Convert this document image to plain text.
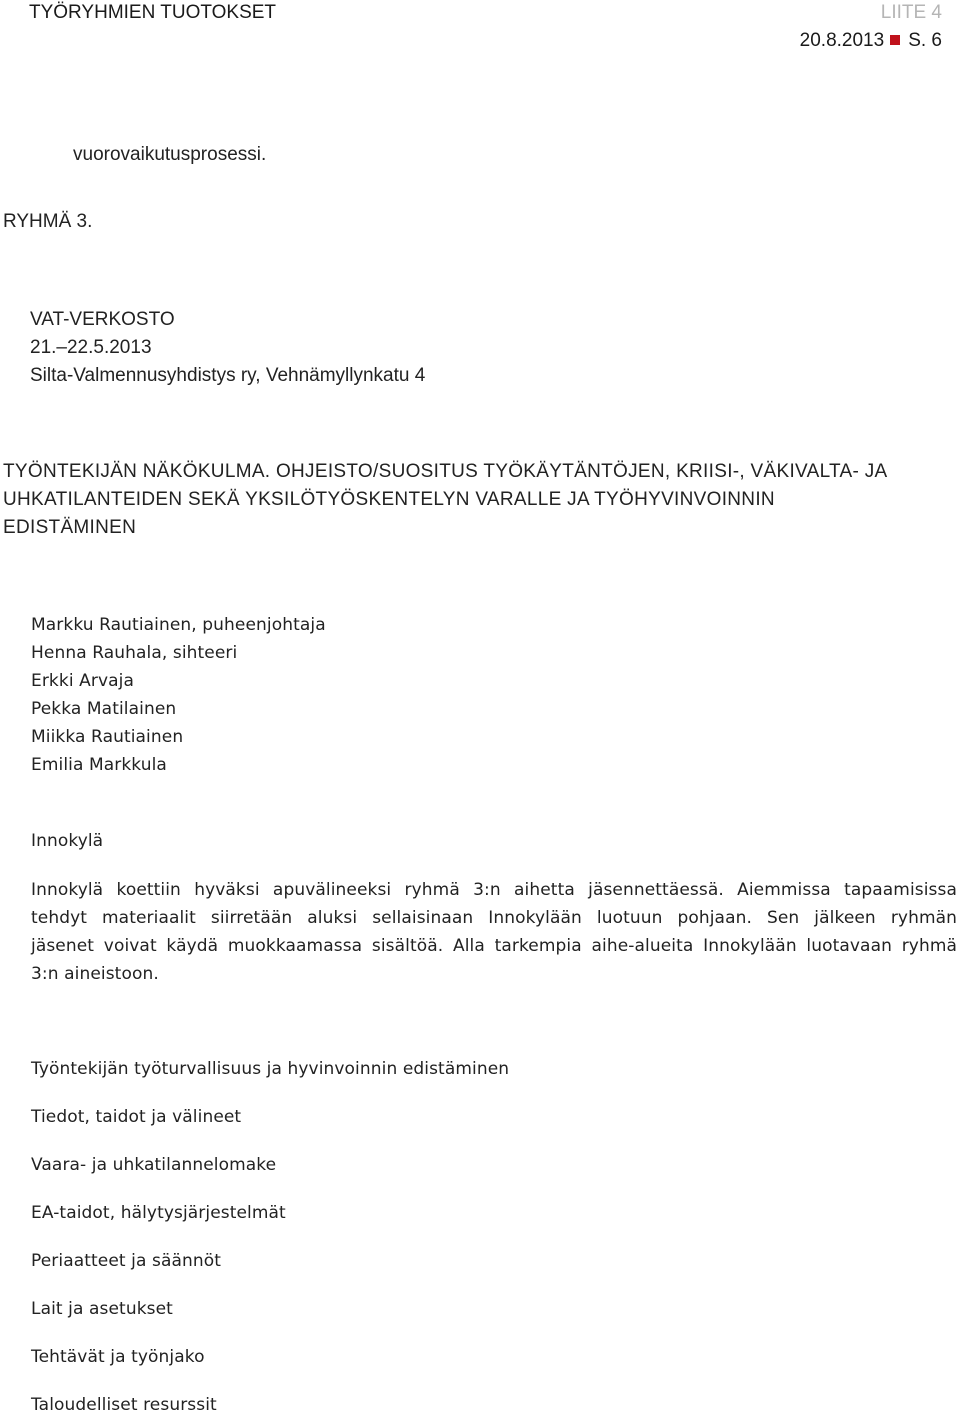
TYÖRYHMIEN TUOTOKSET	LIITE 4
20.8.2013 S. 6
vuorovaikutusprosessi.
RYHMÄ 3.
VAT-VERKOSTO
21.–22.5.2013
Silta-Valmennusyhdistys ry, Vehnämyllynkatu 4
TYÖNTEKIJÄN NÄKÖKULMA. OHJEISTO/SUOSITUS TYÖKÄYTÄNTÖJEN, KRIISI-, VÄKIVALTA- JA
UHKATILANTEIDEN SEKÄ YKSILÖTYÖSKENTELYN VARALLE JA TYÖHYVINVOINNIN
EDISTÄMINEN
Markku Rautiainen, puheenjohtaja
Henna Rauhala, sihteeri
Erkki Arvaja
Pekka Matilainen
Miikka Rautiainen
Emilia Markkula
Innokylä
Innokylä koettiin hyväksi apuvälineeksi ryhmä 3:n aihetta jäsennettäessä. Aiemmissa tapaamisissa
tehdyt materiaalit siirretään aluksi sellaisinaan Innokylään luotuun pohjaan. Sen jälkeen ryhmän
jäsenet voivat käydä muokkaamassa sisältöä. Alla tarkempia aihe-alueita Innokylään luotavaan ryhmä
3:n aineistoon.
Työntekijän työturvallisuus ja hyvinvoinnin edistäminen
Tiedot, taidot ja välineet
Vaara- ja uhkatilannelomake
EA-taidot, hälytysjärjestelmät
Periaatteet ja säännöt
Lait ja asetukset
Tehtävät ja työnjako
Taloudelliset resurssit
